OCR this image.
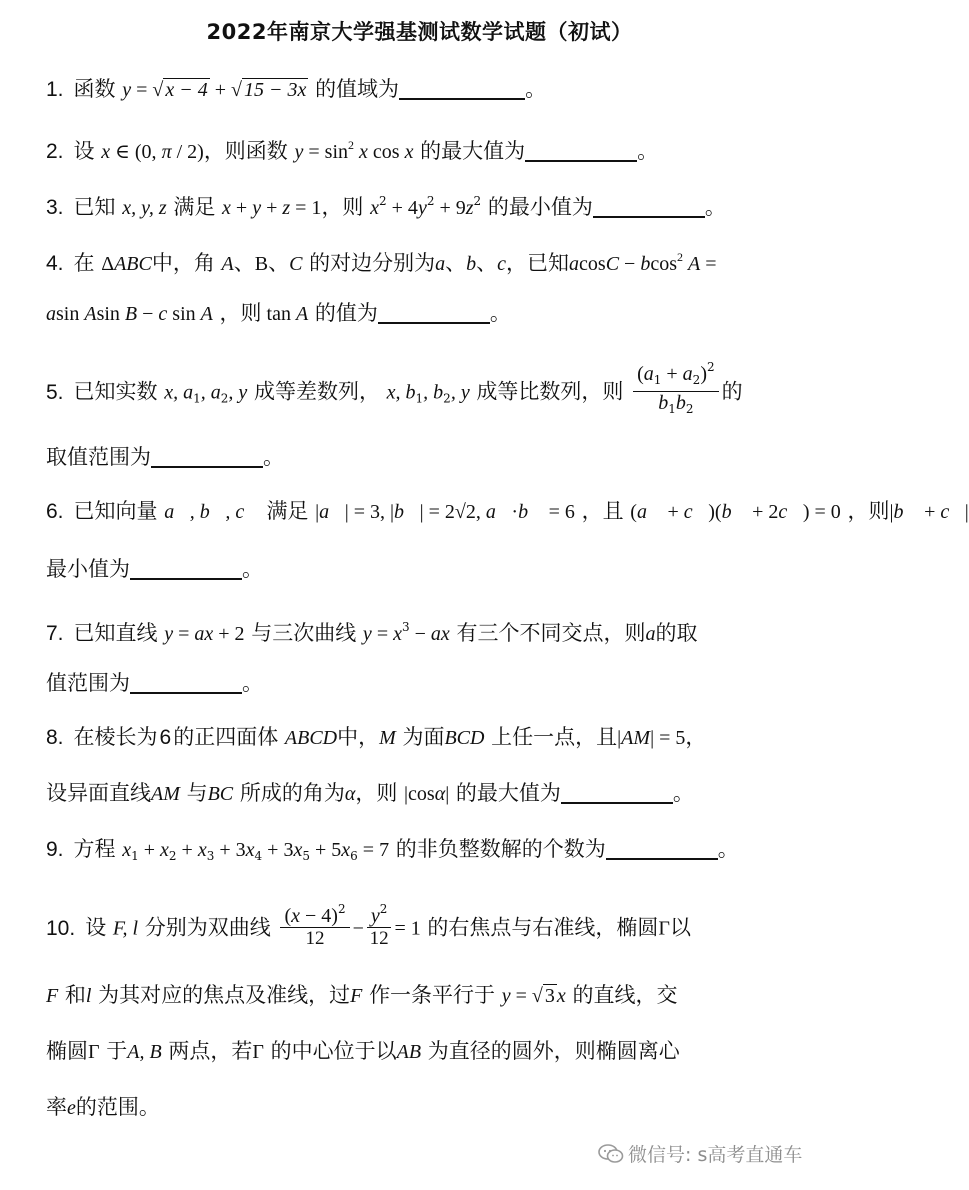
2022年南京大学强基测试数学试题（初试）
1. 函数 y = √ x − 4 + √ 15 − 3x 的值域为	。
2. 设 x ∈ (0, π / 2)，则函数 $y = \sin^2 x$ cos x 的最大值为	。
3. 已知 x, y, z 满足 x + y + z = 1，则 $x^2 + 4y^2 + 9z^2$ 的最小值为	。
4. 在 ΔABC中，角 A、B、C 的对边分别为a、b、c，已知acosC − bcos$^2$ A =
asin Asin B − c sin A ，则 tan A 的值为	。
5. 已知实数 x, $a_1$, $a_2$, y 成等差数列， x, $b_1$, $b_2$, y 成等比数列，则 $\frac{(a_1 + a_2)^2}{b_1b_2}$ 的
取值范围为	。
6. 已知向量 a⃗, b⃗, c⃗ 满足 |a⃗| = 3, |b⃗| = 2√2, a⃗·b⃗ = 6 ，且 (a⃗ + c⃗)(b⃗ + 2c⃗) = 0 ，则|b⃗ + c⃗|
最小值为	。
7. 已知直线 y = ax + 2 与三次曲线 $y = x^3$ − ax 有三个不同交点，则a的取
值范围为	。
8. 在棱长为6的正四面体 ABCD中，M 为面BCD 上任一点，且|AM| = 5，
设异面直线AM 与BC 所成的角为α，则 |cosα| 的最大值为	。
9. 方程 $x_1 + x_2 + x_3 + 3x_4 + 3x_5 + 5x_6 = 7$ 的非负整数解的个数为	。
10. 设 F, l 分别为双曲线 $\frac{(x - 4)^2}{12} - \frac{y^2}{12} = 1$ 的右焦点与右准线，椭圆Γ以
F 和l 为其对应的焦点及准线，过F 作一条平行于 y = √ 3 x 的直线，交
椭圆Γ 于A, B 两点，若Γ 的中心位于以AB 为直径的圆外，则椭圆离心
率e的范围。
微信号: s高考直通车
